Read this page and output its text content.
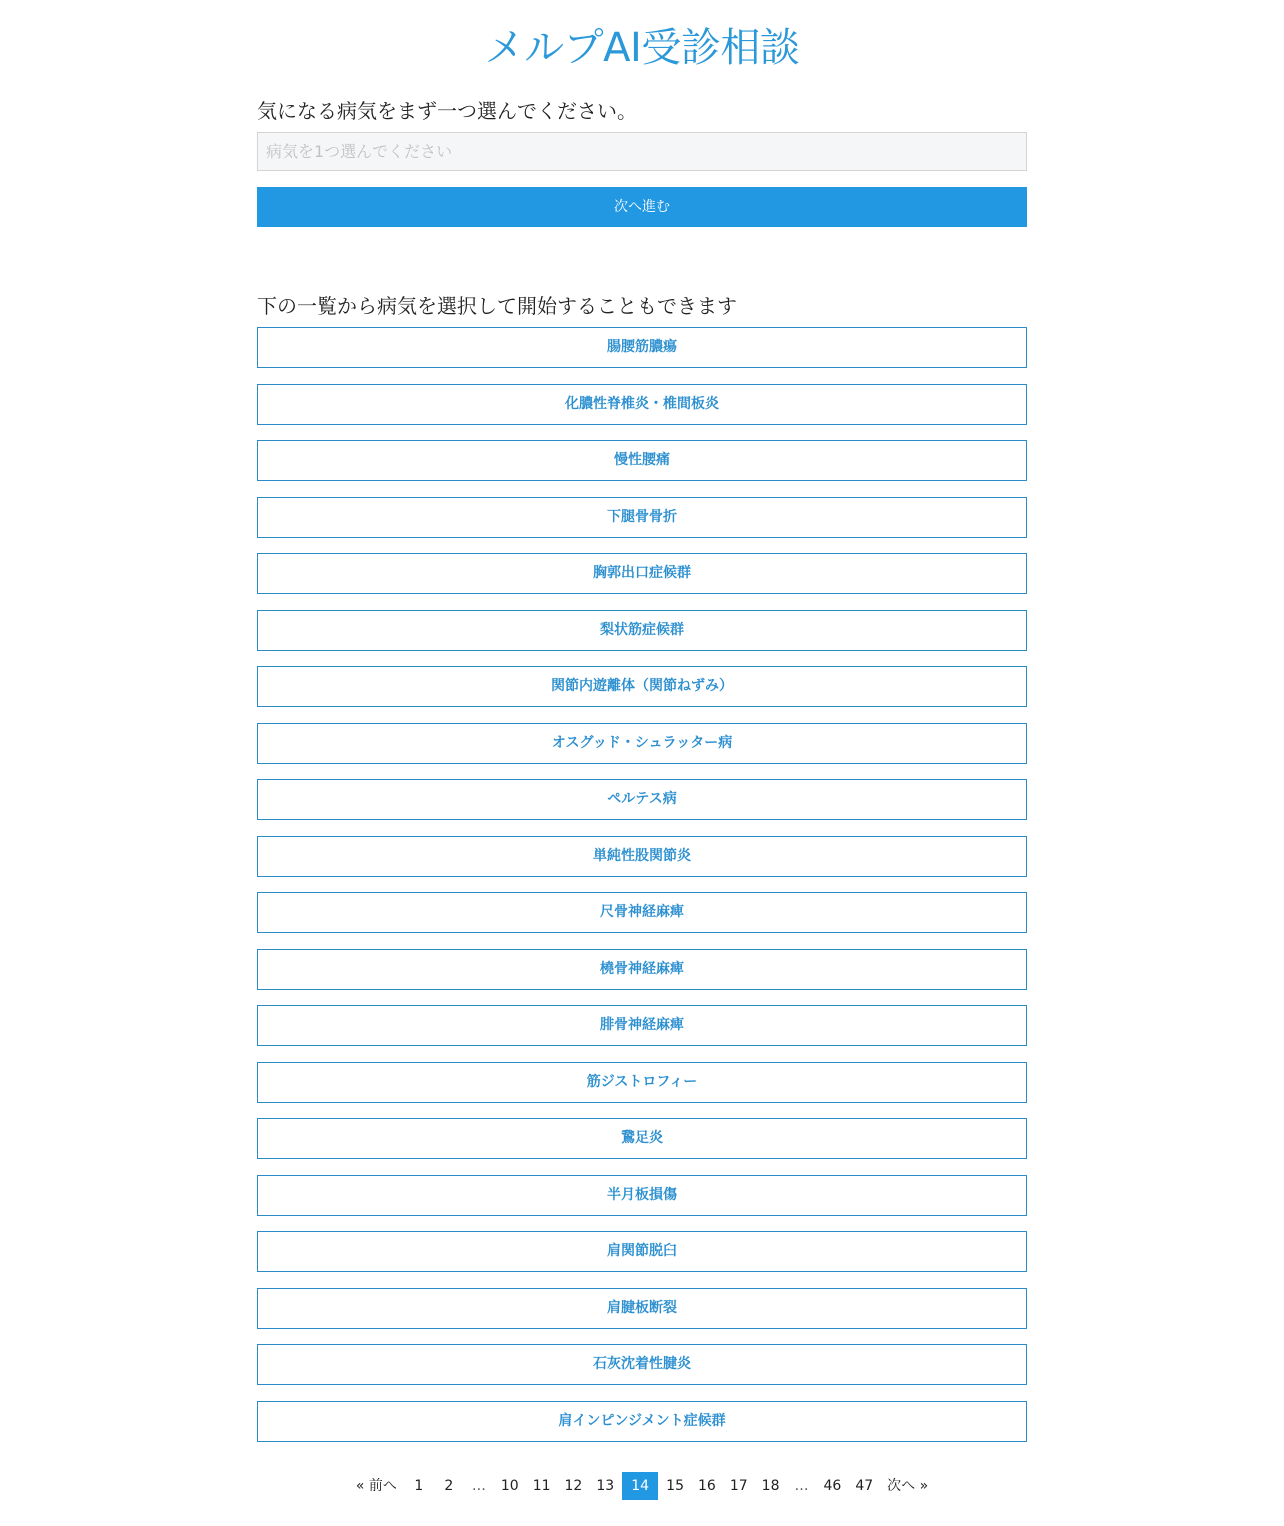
メルプAI受診相談

気になる病気をまず一つ選んでください。

病気を1つ選んでください
次へ進む
下の一覧から病気を選択して開始することもできます
腸腰筋膿瘍
化膿性脊椎炎・椎間板炎
慢性腰痛
下腿骨骨折
胸郭出口症候群
梨状筋症候群
関節内遊離体（関節ねずみ）
オスグッド・シュラッター病
ペルテス病
単純性股関節炎
尺骨神経麻痺
橈骨神経麻痺
腓骨神経麻痺
筋ジストロフィー
鵞足炎
半月板損傷
肩関節脱臼
肩腱板断裂
石灰沈着性腱炎
肩インピンジメント症候群
« 前へ 1 2 … 10 11 12 13 14 15 16 17 18 … 46 47 次へ »
